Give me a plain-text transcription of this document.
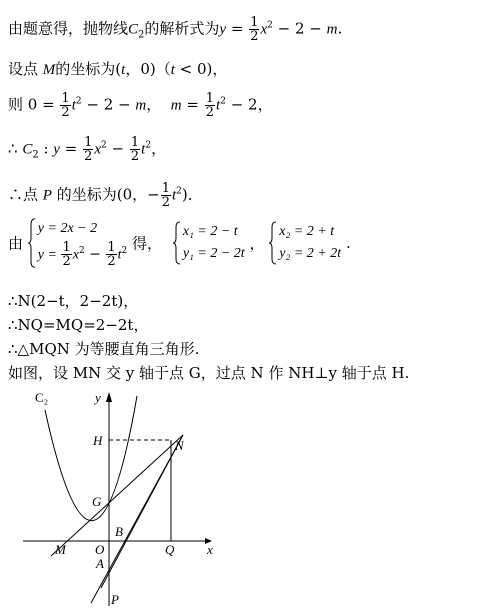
由题意得，抛物线$C_2$的解析式为$y = \frac{1}{2} x^2 - 2 - m$.
设点 M的坐标为(t，0)（t < 0)，
则 $0 = \frac{1}{2} t^2 - 2 - m$， $m = \frac{1}{2} t^2 - 2$，
∴ $C_2$ : $y = \frac{1}{2} x^2 - \frac{1}{2} t^2$，
∴点 P 的坐标为(0，− $\frac{1}{2} t^2$)．
由
y = 2x − 2
$y = \frac{1}{2} x^2 - \frac{1}{2} t^2$ 得，
x₁ = 2 − t
y₁ = 2 − 2t
，
x₂ = 2 + t
y₂ = 2 + 2t
.
∴N(2−t，2−2t)，
∴NQ=MQ=2−2t，
∴△MQN 为等腰直角三角形.
如图，设 MN 交 y 轴于点 G，过点 N 作 NH⊥y 轴于点 H.
C₂	y
x
H	N
G
B
M O	Q
A
P
